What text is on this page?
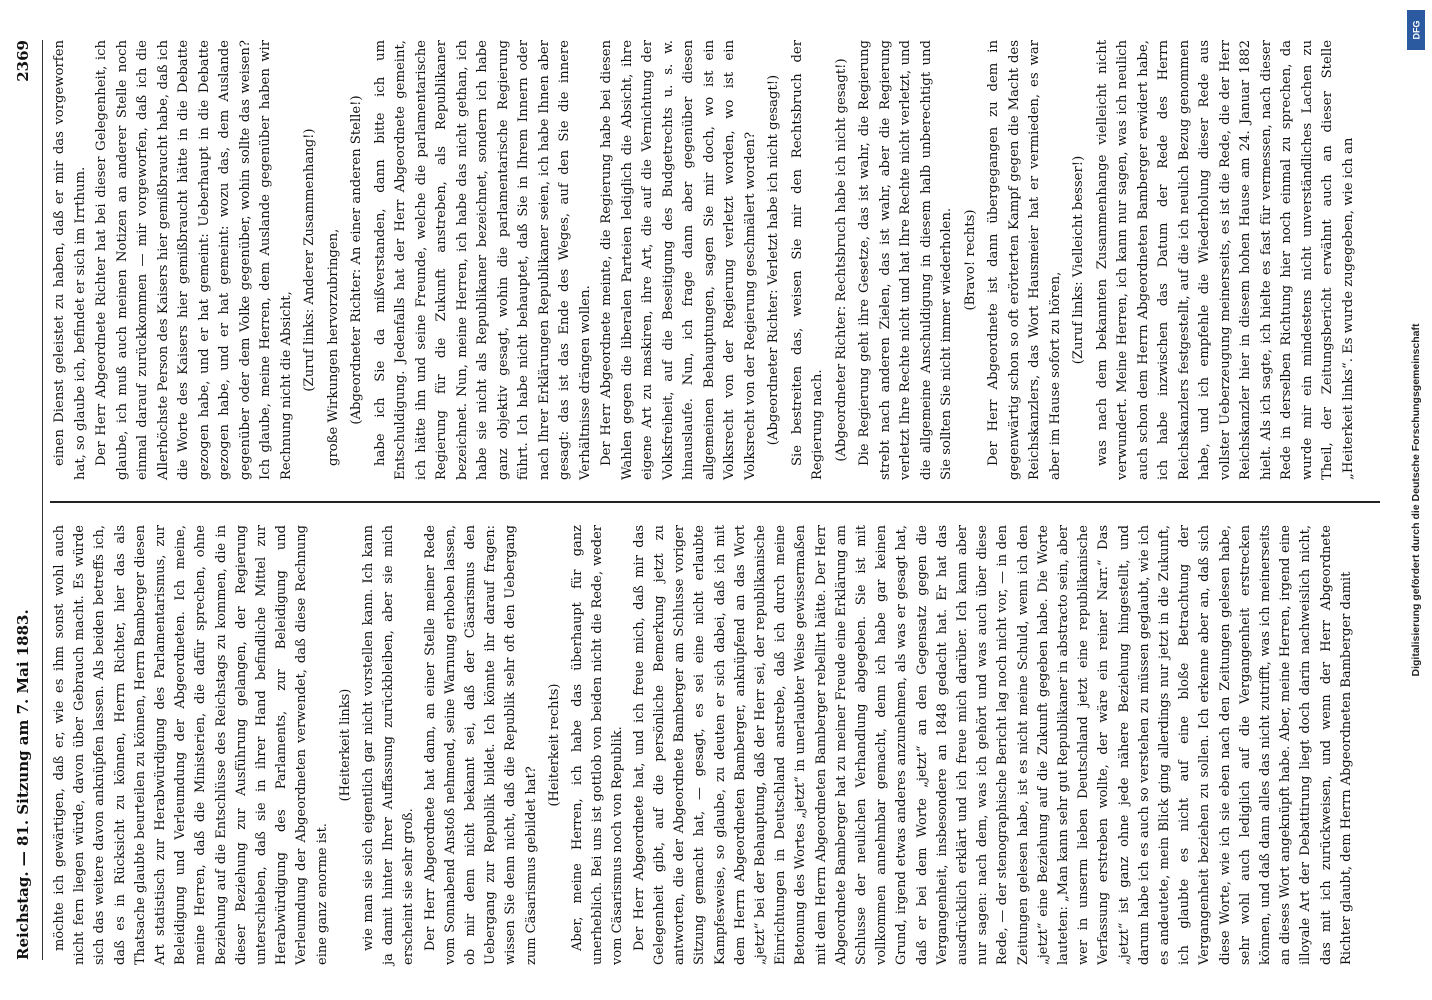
Reichstag. — 81. Sitzung am 7. Mai 1883.
2369

möchte ich gewärtigen, daß er, wie es ihm sonst wohl auch nicht fern liegen würde, davon über Gebrauch macht. Es würde sich das weitere davon anknüpfen lassen. Als beiden betreffs ich, daß es in Rücksicht zu können, Herrn Richter, hier das als Thatsache glaubte beurteilen zu können, Herrn Bamberger diesen Art statistisch zur Herabwürdigung des Parlamentarismus, zur Beleidigung und Verleumdung der Abgeordneten. Ich meine, meine Herren, daß die Ministerien, die dafür sprechen, ohne Beziehung auf die Entschlüsse des Reichstags zu kommen, die in dieser Beziehung zur Ausführung gelangen, der Regierung unterschieben, daß sie in ihrer Hand befindliche Mittel zur Herabwürdigung des Parlaments, zur Beleidigung und Verleumdung der Abgeordneten verwendet, daß diese Rechnung eine ganz enorme ist.

(Heiterkeit links) wie man sie sich eigentlich gar nicht vorstellen kann. Ich kann ja damit hinter Ihrer Auffassung zurückbleiben, aber sie mich erscheint sie sehr groß. Der Herr Abgeordnete hat dann, an einer Stelle meiner Rede vom Sonnabend Anstoß nehmend, seine Warnung erhoben lassen, ob mir denn nicht bekannt sei, daß der Cäsarismus den Uebergang zur Republik bildet. Ich könnte ihr darauf fragen: wissen Sie denn nicht, daß die Republik sehr oft den Uebergang zum Cäsarismus gebildet hat?

(Heiterkeit rechts) Aber, meine Herren, ich habe das überhaupt für ganz unerheblich. Bei uns ist gottlob von beiden nicht die Rede, weder vom Cäsarismus noch von Republik. Der Herr Abgeordnete hat, und ich freue mich, daß mir das Gelegenheit gibt, auf die persönliche Bemerkung jetzt zu antworten, die der Abgeordnete Bamberger am Schlusse voriger Sitzung gemacht hat, — gesagt, es sei eine nicht erlaubte Kampfesweise, so glaube, zu deuten er sich dabei, daß ich mit dem Herrn Abgeordneten Bamberger, anknüpfend an das Wort „jetzt“ bei der Behauptung, daß der Herr sei, der republikanische Einrichtungen in Deutschland anstrebe, daß ich durch meine Betonung des Wortes „jetzt“ in unerlaubter Weise gewissermaßen mit dem Herrn Abgeordneten Bamberger rebellirt hätte. Der Herr Abgeordnete Bamberger hat zu meiner Freude eine Erklärung am Schlusse der neulichen Verhandlung abgegeben. Sie ist mit vollkommen annehmbar gemacht, denn ich habe gar keinen Grund, irgend etwas anderes anzunehmen, als was er gesagt hat, daß er bei dem Worte „jetzt“ an den Gegensatz gegen die Vergangenheit, insbesondere an 1848 gedacht hat. Er hat das ausdrücklich erklärt und ich freue mich darüber. Ich kann aber nur sagen: nach dem, was ich gehört und was auch über diese Rede, — der stenographische Bericht lag noch nicht vor, — in den Zeitungen gelesen habe, ist es nicht meine Schuld, wenn ich den „jetzt“ eine Beziehung auf die Zukunft gegeben habe. Die Worte lauteten: „Man kann sehr gut Republikaner in abstracto sein, aber wer in unserm lieben Deutschland jetzt eine republikanische Verfassung erstreben wollte, der wäre ein reiner Narr.“ Das „jetzt“ ist ganz ohne jede nähere Beziehung hingestellt, und darum habe ich es auch so verstehen zu müssen geglaubt, wie ich es andeutete, mein Blick ging allerdings nur jetzt in die Zukunft, ich glaubte es nicht auf eine bloße Betrachtung der Vergangenheit beziehen zu sollen. Ich erkenne aber an, daß sich diese Worte, wie ich sie eben nach den Zeitungen gelesen habe, sehr wohl auch lediglich auf die Vergangenheit erstrecken können, und daß dann alles das nicht zutrifft, was ich meinerseits an dieses Wort angeknüpft habe. Aber, meine Herren, irgend eine illoyale Art der Debattirung liegt doch darin nachweislich nicht, das mit ich zurückweisen, und wenn der Herr Abgeordnete Richter glaubt, dem Herrn Abgeordneten Bamberger damit

einen Dienst geleistet zu haben, daß er mir das vorgeworfen hat, so glaube ich, befindet er sich im Irrthum. Der Herr Abgeordnete Richter hat bei dieser Gelegenheit, ich glaube, ich muß auch meinen Notizen an anderer Stelle noch einmal darauf zurückkommen — mir vorgeworfen, daß ich die Allerhöchste Person des Kaisers hier gemißbraucht habe, daß ich die Worte des Kaisers hier gemißbraucht hätte in die Debatte gezogen habe, und er hat gemeint: Ueberhaupt in die Debatte gezogen habe, und er hat gemeint: wozu das, dem Auslande gegenüber oder dem Volke gegenüber, wohin sollte das weisen? Ich glaube, meine Herren, dem Auslande gegenüber haben wir Rechnung nicht die Absicht, (Zuruf links: Anderer Zusammenhang!) große Wirkungen hervorzubringen, (Abgeordneter Richter: An einer anderen Stelle!) habe ich Sie da mißverstanden, dann bitte ich um Entschuldigung. Jedenfalls hat der Herr Abgeordnete gemeint, ich hätte ihn und seine Freunde, welche die parlamentarische Regierung für die Zukunft anstreben, als Republikaner bezeichnet. Nun, meine Herren, ich habe das nicht gethan, ich habe sie nicht als Republikaner bezeichnet, sondern ich habe ganz objektiv gesagt, wohin die parlamentarische Regierung führt. Ich habe nicht behauptet, daß Sie in Ihrem Innern oder nach Ihrer Erklärungen Republikaner seien, ich habe Ihnen aber gesagt: das ist das Ende des Weges, auf den Sie die innere Verhältnisse drängen wollen. Der Herr Abgeordnete meinte, die Regierung habe bei diesen Wahlen gegen die liberalen Parteien lediglich die Absicht, ihre eigene Art zu maskiren, ihre Art, die auf die Vernichtung der Volksfreiheit, auf die Beseitigung des Budgetrechts u. s. w. hinauslaufe. Nun, ich frage dann aber gegenüber diesen allgemeinen Behauptungen, sagen Sie mir doch, wo ist ein Volksrecht von der Regierung verletzt worden, wo ist ein Volksrecht von der Regierung geschmälert worden? (Abgeordneter Richter: Verletzt habe ich nicht gesagt!) Sie bestreiten das, weisen Sie mir den Rechtsbruch der Regierung nach. (Abgeordneter Richter: Rechtsbruch habe ich nicht gesagt!) Die Regierung geht ihre Gesetze, das ist wahr, die Regierung strebt nach anderen Zielen, das ist wahr, aber die Regierung verletzt Ihre Rechte nicht und hat Ihre Rechte nicht verletzt, und die allgemeine Anschuldigung in diesem halb unberechtigt und Sie sollten Sie nicht immer wiederholen. (Bravo! rechts) Der Herr Abgeordnete ist dann übergegangen zu dem in gegenwärtig schon so oft erörterten Kampf gegen die Macht des Reichskanzlers, das Wort Hausmeier hat er vermieden, es war aber im Hause sofort zu hören,

(Zuruf links: Vielleicht besser!) was nach dem bekannten Zusammenhange vielleicht nicht verwundert. Meine Herren, ich kann nur sagen, was ich neulich auch schon dem Herrn Abgeordneten Bamberger erwidert habe, ich habe inzwischen das Datum der Rede des Herrn Reichskanzlers festgestellt, auf die ich neulich Bezug genommen habe, und ich empfehle die Wiederholung dieser Rede aus vollster Ueberzeugung meinerseits, es ist die Rede, die der Herr Reichskanzler hier in diesem hohen Hause am 24. Januar 1882 hielt. Als ich sagte, ich hielte es fast für vermessen, nach dieser Rede in derselben Richtung hier noch einmal zu sprechen, da wurde mir ein mindestens nicht unverständliches Lachen zu Theil, der Zeitungsbericht erwähnt auch an dieser Stelle „Heiterkeit links“. Es wurde zugegeben, wie ich an

DFG
Digitalisierung gefördert durch die Deutsche Forschungsgemeinschaft
